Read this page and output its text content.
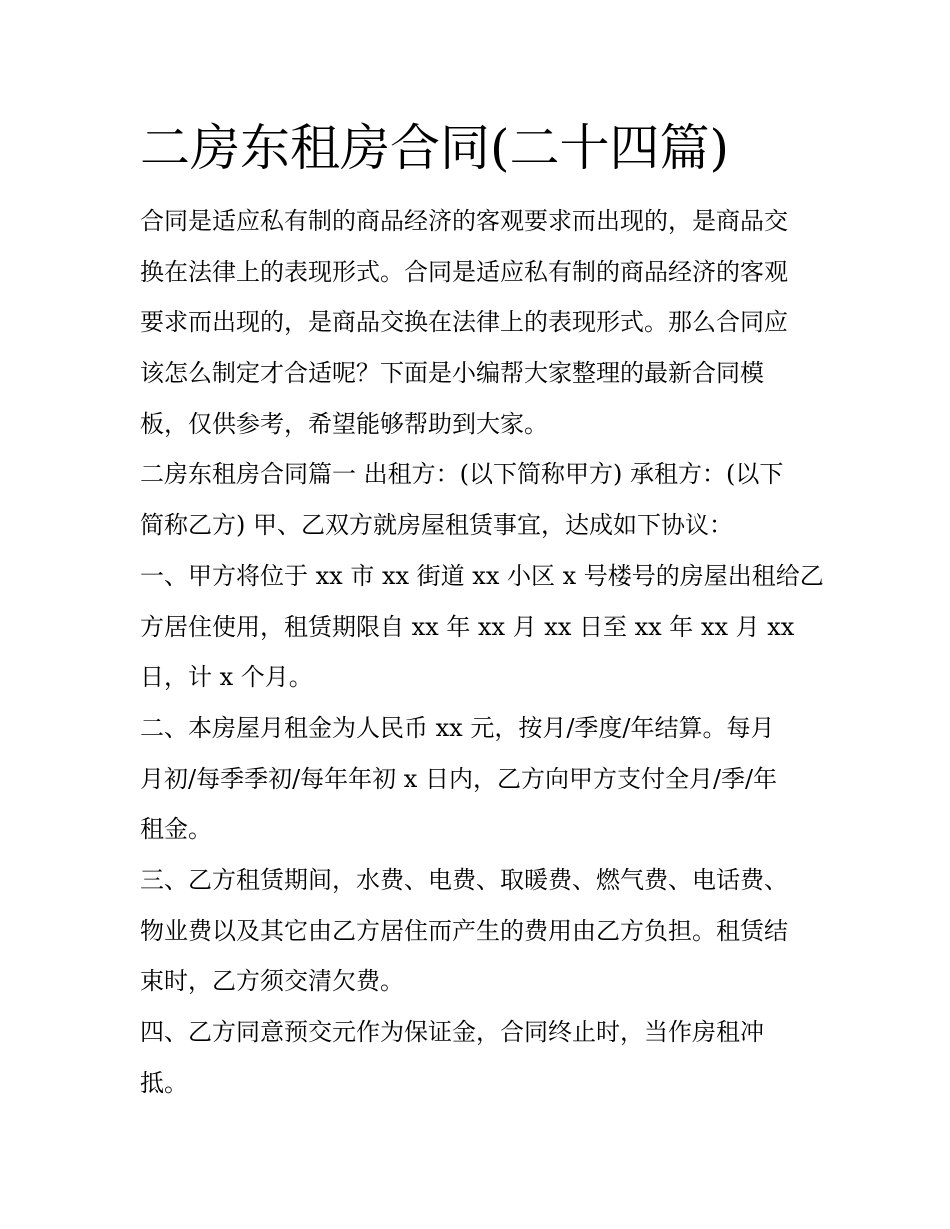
二房东租房合同(二十四篇)
合同是适应私有制的商品经济的客观要求而出现的，是商品交
换在法律上的表现形式。合同是适应私有制的商品经济的客观
要求而出现的，是商品交换在法律上的表现形式。那么合同应
该怎么制定才合适呢？下面是小编帮大家整理的最新合同模
板，仅供参考，希望能够帮助到大家。
二房东租房合同篇一 出租方：(以下简称甲方) 承租方：(以下
简称乙方) 甲、乙双方就房屋租赁事宜，达成如下协议：
一、甲方将位于 xx 市 xx 街道 xx 小区 x 号楼号的房屋出租给乙
方居住使用，租赁期限自 xx 年 xx 月 xx 日至 xx 年 xx 月 xx
日，计 x 个月。
二、本房屋月租金为人民币 xx 元，按月/季度/年结算。每月
月初/每季季初/每年年初 x 日内，乙方向甲方支付全月/季/年
租金。
三、乙方租赁期间，水费、电费、取暖费、燃气费、电话费、
物业费以及其它由乙方居住而产生的费用由乙方负担。租赁结
束时，乙方须交清欠费。
四、乙方同意预交元作为保证金，合同终止时，当作房租冲
抵。
